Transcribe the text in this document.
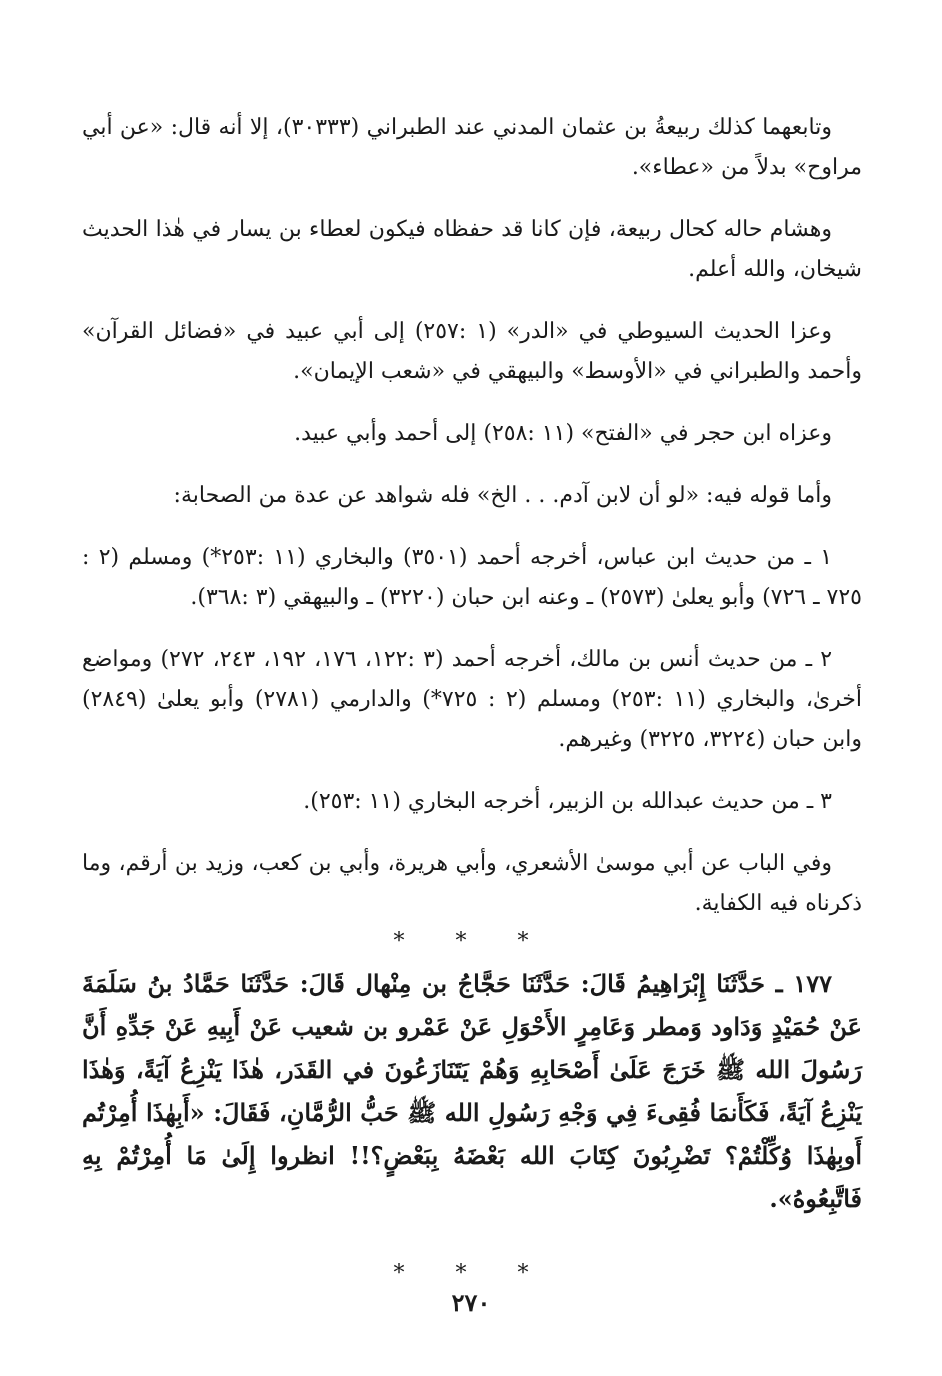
وتابعهما كذلك ربيعةُ بن عثمان المدني عند الطبراني (٣٠٣٣٣)، إلا أنه قال: «عن أبي مراوح» بدلاً من «عطاء».

وهشام حاله كحال ربيعة، فإن كانا قد حفظاه فيكون لعطاء بن يسار في هٰذا الحديث شيخان، والله أعلم.

وعزا الحديث السيوطي في «الدر» (١ :٢٥٧) إلى أبي عبيد في «فضائل القرآن» وأحمد والطبراني في «الأوسط» والبيهقي في «شعب الإيمان».

وعزاه ابن حجر في «الفتح» (١١ :٢٥٨) إلى أحمد وأبي عبيد.

وأما قوله فيه: «لو أن لابن آدم. . . الخ» فله شواهد عن عدة من الصحابة:

١ ـ من حديث ابن عباس، أخرجه أحمد (٣٥٠١) والبخاري (١١ :٢٥٣*) ومسلم (٢ : ٧٢٥ ـ ٧٢٦) وأبو يعلىٰ (٢٥٧٣) ـ وعنه ابن حبان (٣٢٢٠) ـ والبيهقي (٣ :٣٦٨).

٢ ـ من حديث أنس بن مالك، أخرجه أحمد (٣ :١٢٢، ١٧٦، ١٩٢، ٢٤٣، ٢٧٢) ومواضع أخرىٰ، والبخاري (١١ :٢٥٣) ومسلم (٢ : ٧٢٥*) والدارمي (٢٧٨١) وأبو يعلىٰ (٢٨٤٩) وابن حبان (٣٢٢٤، ٣٢٢٥) وغيرهم.

٣ ـ من حديث عبدالله بن الزبير، أخرجه البخاري (١١ :٢٥٣).

وفي الباب عن أبي موسىٰ الأشعري، وأبي هريرة، وأبي بن كعب، وزيد بن أرقم، وما ذكرناه فيه الكفاية.

* * *

١٧٧ ـ حَدَّثَنَا إِبْرَاهِيمُ قَالَ: حَدَّثَنَا حَجَّاجُ بن مِنْهال قَالَ: حَدَّثَنَا حَمَّادُ بنُ سَلَمَةَ عَنْ حُمَيْدٍ وَدَاود وَمطر وَعَامِرٍ الأَحْوَلِ عَنْ عَمْرو بن شعيب عَنْ أَبِيهِ عَنْ جَدِّهِ أَنَّ رَسُولَ الله ﷺ خَرَجَ عَلَىٰ أَصْحَابِهِ وَهُمْ يَتَنَازَعُونَ في القَدَر، هٰذَا يَنْزِعُ آيَةً، وَهٰذَا يَنْزِعُ آيَةً، فَكَأَنمَا فُقِىءَ فِي وَجْهِ رَسُولِ الله ﷺ حَبُّ الرُّمَّانِ، فَقَالَ: «أَبِهٰذَا أُمِرْتُم أَوبِهٰذَا وُكِّلْتُمْ؟ تَضْرِبُونَ كِتَابَ الله بَعْضَهُ بِبَعْضٍ؟!! انظروا إِلَىٰ مَا أُمِرْتُمْ بِهِ فَاتَّبِعُوهُ».

* * *
٢٧٠
